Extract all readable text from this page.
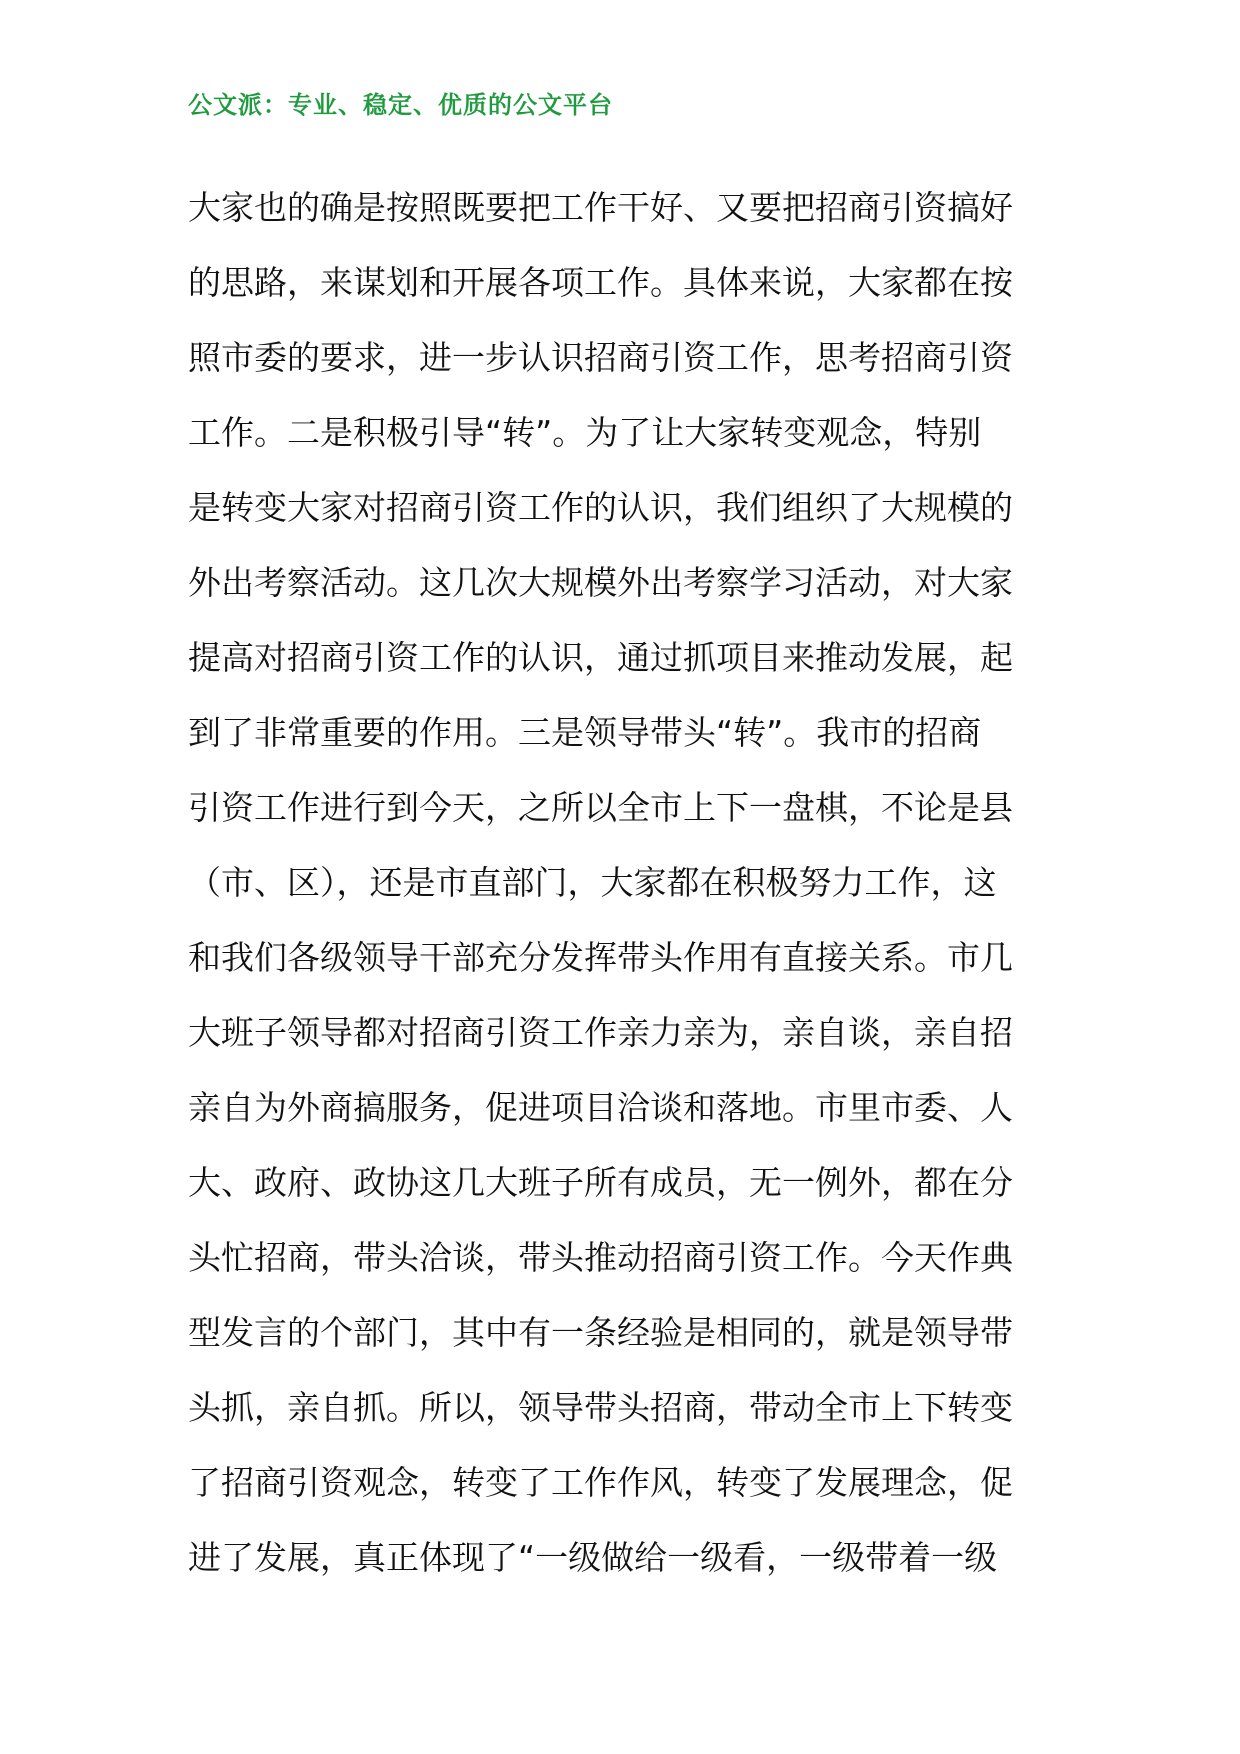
公文派：专业、稳定、优质的公文平台
大家也的确是按照既要把工作干好、又要把招商引资搞好
的思路，来谋划和开展各项工作。具体来说，大家都在按
照市委的要求，进一步认识招商引资工作，思考招商引资
工作。二是积极引导“转”。为了让大家转变观念，特别
是转变大家对招商引资工作的认识，我们组织了大规模的
外出考察活动。这几次大规模外出考察学习活动，对大家
提高对招商引资工作的认识，通过抓项目来推动发展，起
到了非常重要的作用。三是领导带头“转”。我市的招商
引资工作进行到今天，之所以全市上下一盘棋，不论是县
（市、区），还是市直部门，大家都在积极努力工作，这
和我们各级领导干部充分发挥带头作用有直接关系。市几
大班子领导都对招商引资工作亲力亲为，亲自谈，亲自招
亲自为外商搞服务，促进项目洽谈和落地。市里市委、人
大、政府、政协这几大班子所有成员，无一例外，都在分
头忙招商，带头洽谈，带头推动招商引资工作。今天作典
型发言的个部门，其中有一条经验是相同的，就是领导带
头抓，亲自抓。所以，领导带头招商，带动全市上下转变
了招商引资观念，转变了工作作风，转变了发展理念，促
进了发展，真正体现了“一级做给一级看，一级带着一级
